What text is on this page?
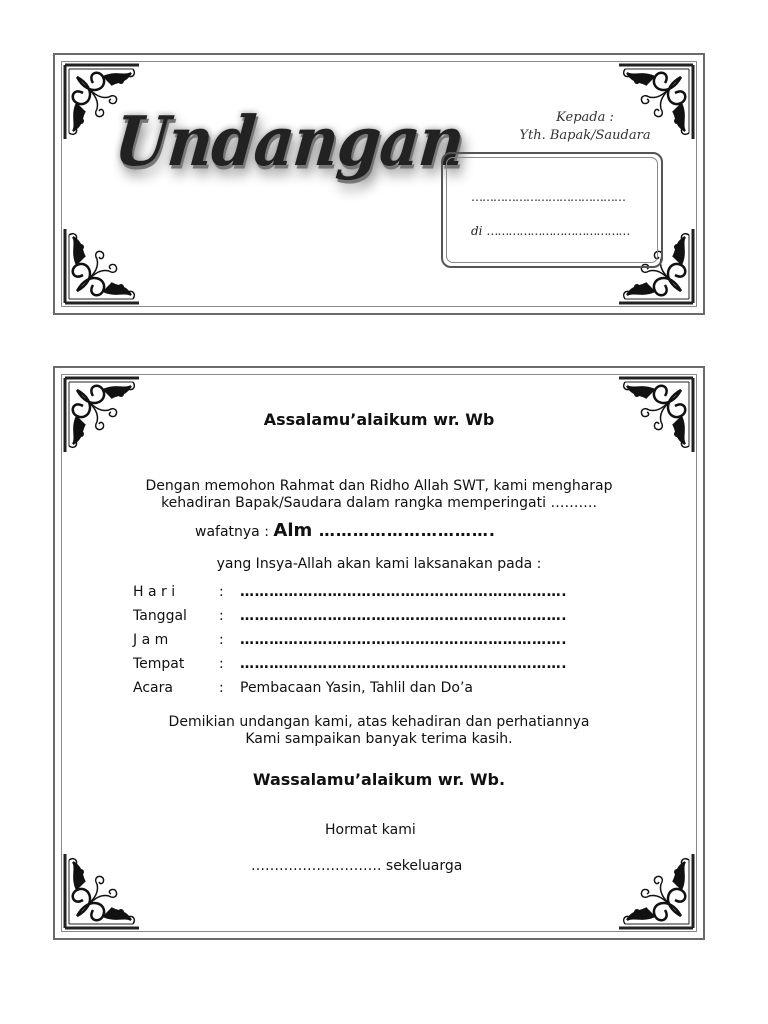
Undangan	Kepada :
Yth. Bapak/Saudara
……………………………………
di …………………………………
Assalamu’alaikum wr. Wb
Dengan memohon Rahmat dan Ridho Allah SWT, kami mengharap
kehadiran Bapak/Saudara dalam rangka memperingati ……….
wafatnya : Alm ………………………….
yang Insya-Allah akan kami laksanakan pada :
H a r i	: ………………………………………………………….
Tanggal : ………………………………………………………….
J a m	: ………………………………………………………….
Tempat : ………………………………………………………….
Acara	: Pembacaan Yasin, Tahlil dan Do’a
Demikian undangan kami, atas kehadiran dan perhatiannya
Kami sampaikan banyak terima kasih.
Wassalamu’alaikum wr. Wb.
Hormat kami
………………………. sekeluarga
